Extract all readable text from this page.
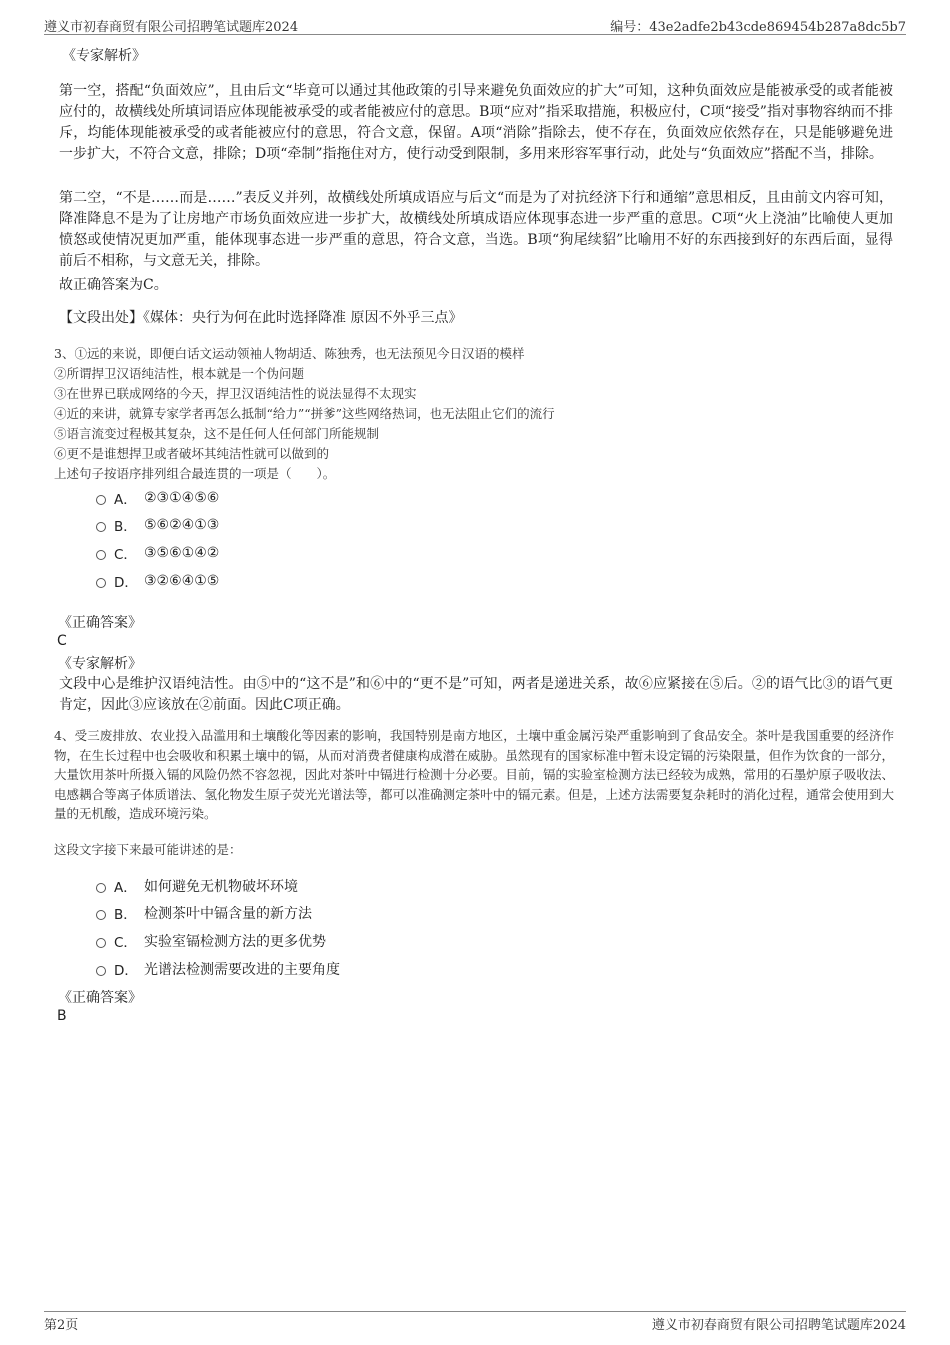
遵义市初春商贸有限公司招聘笔试题库2024	编号：43e2adfe2b43cde869454b287a8dc5b7
《专家解析》
第一空，搭配“负面效应”，且由后文“毕竟可以通过其他政策的引导来避免负面效应的扩大”可知，这种负面效应是能被承受的或者能被应付的，故横线处所填词语应体现能被承受的或者能被应付的意思。B项“应对”指采取措施，积极应付，C项“接受”指对事物容纳而不排斥，均能体现能被承受的或者能被应付的意思，符合文意，保留。A项“消除”指除去，使不存在，负面效应依然存在，只是能够避免进一步扩大，不符合文意，排除；D项“牵制”指拖住对方，使行动受到限制，多用来形容军事行动，此处与“负面效应”搭配不当，排除。
第二空，“不是……而是……”表反义并列，故横线处所填成语应与后文“而是为了对抗经济下行和通缩”意思相反，且由前文内容可知，降准降息不是为了让房地产市场负面效应进一步扩大，故横线处所填成语应体现事态进一步严重的意思。C项“火上浇油”比喻使人更加愤怒或使情况更加严重，能体现事态进一步严重的意思，符合文意，当选。B项“狗尾续貂”比喻用不好的东西接到好的东西后面，显得前后不相称，与文意无关，排除。
故正确答案为C。
【文段出处】《媒体：央行为何在此时选择降准 原因不外乎三点》
3、①远的来说，即便白话文运动领袖人物胡适、陈独秀，也无法预见今日汉语的模样
②所谓捍卫汉语纯洁性，根本就是一个伪问题
③在世界已联成网络的今天，捍卫汉语纯洁性的说法显得不太现实
④近的来讲，就算专家学者再怎么抵制“给力”“拼爹”这些网络热词，也无法阻止它们的流行
⑤语言流变过程极其复杂，这不是任何人任何部门所能规制
⑥更不是谁想捍卫或者破坏其纯洁性就可以做到的
上述句子按语序排列组合最连贯的一项是（　　）。
A． ②③①④⑤⑥
B． ⑤⑥②④①③
C． ③⑤⑥①④②
D． ③②⑥④①⑤
《正确答案》
C
《专家解析》
文段中心是维护汉语纯洁性。由⑤中的“这不是”和⑥中的“更不是”可知，两者是递进关系，故⑥应紧接在⑤后。②的语气比③的语气更肯定，因此③应该放在②前面。因此C项正确。
4、受三废排放、农业投入品滥用和土壤酸化等因素的影响，我国特别是南方地区，土壤中重金属污染严重影响到了食品安全。茶叶是我国重要的经济作物，在生长过程中也会吸收和积累土壤中的镉，从而对消费者健康构成潜在威胁。虽然现有的国家标准中暂未设定镉的污染限量，但作为饮食的一部分，大量饮用茶叶所摄入镉的风险仍然不容忽视，因此对茶叶中镉进行检测十分必要。目前，镉的实验室检测方法已经较为成熟，常用的石墨炉原子吸收法、电感耦合等离子体质谱法、氢化物发生原子荧光光谱法等，都可以准确测定茶叶中的镉元素。但是，上述方法需要复杂耗时的消化过程，通常会使用到大量的无机酸，造成环境污染。
这段文字接下来最可能讲述的是：
A． 如何避免无机物破坏环境
B． 检测茶叶中镉含量的新方法
C． 实验室镉检测方法的更多优势
D． 光谱法检测需要改进的主要角度
《正确答案》
B
第2页	遵义市初春商贸有限公司招聘笔试题库2024
